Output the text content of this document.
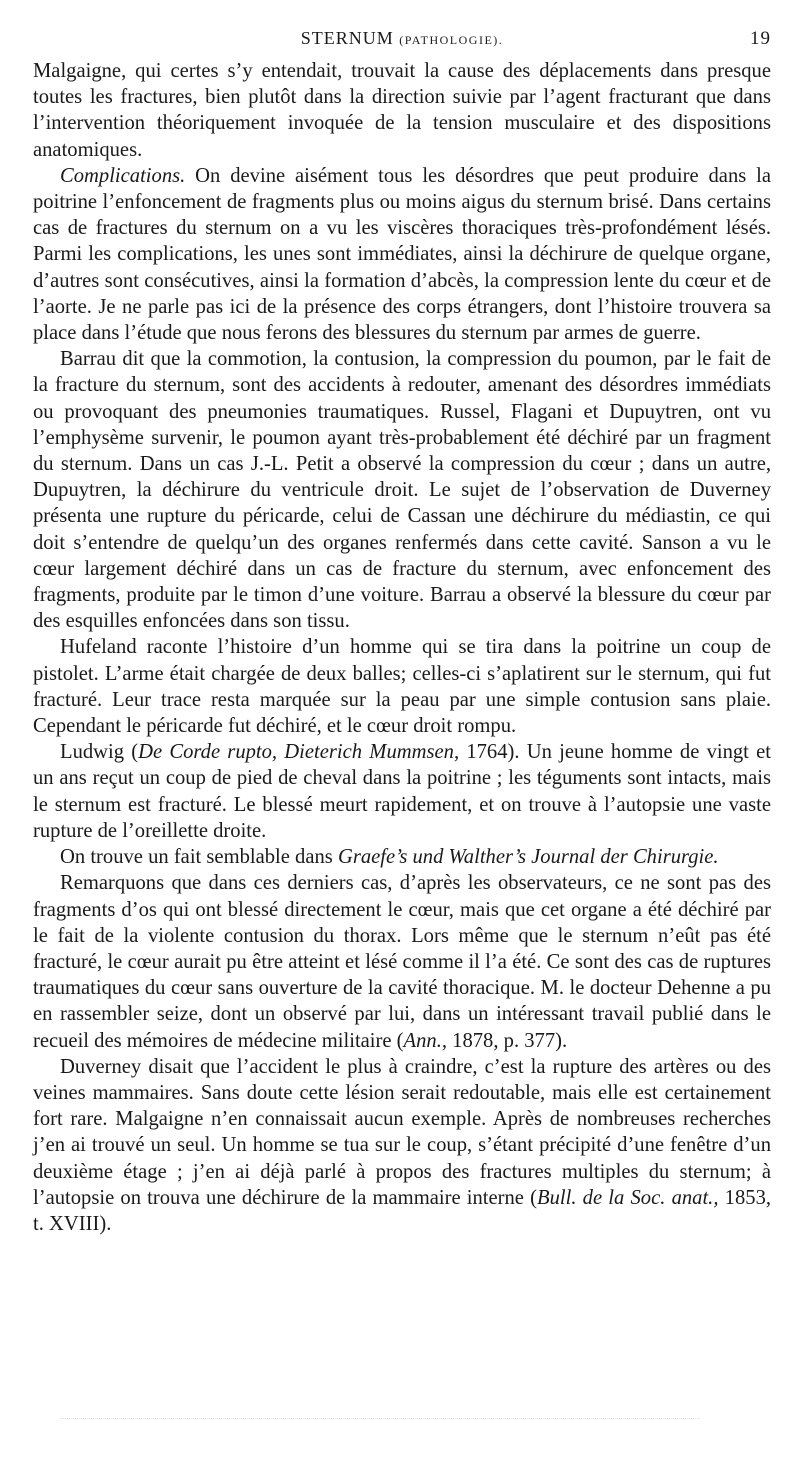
STERNUM (PATHOLOGIE).	19

Malgaigne, qui certes s’y entendait, trouvait la cause des déplacements dans presque toutes les fractures, bien plutôt dans la direction suivie par l’agent fracturant que dans l’intervention théoriquement invoquée de la tension musculaire et des dispositions anatomiques.

Complications. On devine aisément tous les désordres que peut produire dans la poitrine l’enfoncement de fragments plus ou moins aigus du sternum brisé. Dans certains cas de fractures du sternum on a vu les viscères thoraciques très-profondément lésés. Parmi les complications, les unes sont immédiates, ainsi la déchirure de quelque organe, d’autres sont consécutives, ainsi la formation d’abcès, la compression lente du cœur et de l’aorte. Je ne parle pas ici de la présence des corps étrangers, dont l’histoire trouvera sa place dans l’étude que nous ferons des blessures du sternum par armes de guerre.

Barrau dit que la commotion, la contusion, la compression du poumon, par le fait de la fracture du sternum, sont des accidents à redouter, amenant des désordres immédiats ou provoquant des pneumonies traumatiques. Russel, Flagani et Dupuytren, ont vu l’emphysème survenir, le poumon ayant très-probablement été déchiré par un fragment du sternum. Dans un cas J.-L. Petit a observé la compression du cœur ; dans un autre, Dupuytren, la déchirure du ventricule droit. Le sujet de l’observation de Duverney présenta une rupture du péricarde, celui de Cassan une déchirure du médiastin, ce qui doit s’entendre de quelqu’un des organes renfermés dans cette cavité. Sanson a vu le cœur largement déchiré dans un cas de fracture du sternum, avec enfoncement des fragments, produite par le timon d’une voiture. Barrau a observé la blessure du cœur par des esquilles enfoncées dans son tissu.

Hufeland raconte l’histoire d’un homme qui se tira dans la poitrine un coup de pistolet. L’arme était chargée de deux balles; celles-ci s’aplatirent sur le sternum, qui fut fracturé. Leur trace resta marquée sur la peau par une simple contusion sans plaie. Cependant le péricarde fut déchiré, et le cœur droit rompu.

Ludwig (De Corde rupto, Dieterich Mummsen, 1764). Un jeune homme de vingt et un ans reçut un coup de pied de cheval dans la poitrine ; les téguments sont intacts, mais le sternum est fracturé. Le blessé meurt rapidement, et on trouve à l’autopsie une vaste rupture de l’oreillette droite.

On trouve un fait semblable dans Graefe’s und Walther’s Journal der Chirurgie.

Remarquons que dans ces derniers cas, d’après les observateurs, ce ne sont pas des fragments d’os qui ont blessé directement le cœur, mais que cet organe a été déchiré par le fait de la violente contusion du thorax. Lors même que le sternum n’eût pas été fracturé, le cœur aurait pu être atteint et lésé comme il l’a été. Ce sont des cas de ruptures traumatiques du cœur sans ouverture de la cavité thoracique. M. le docteur Dehenne a pu en rassembler seize, dont un observé par lui, dans un intéressant travail publié dans le recueil des mémoires de médecine militaire (Ann., 1878, p. 377).

Duverney disait que l’accident le plus à craindre, c’est la rupture des artères ou des veines mammaires. Sans doute cette lésion serait redoutable, mais elle est certainement fort rare. Malgaigne n’en connaissait aucun exemple. Après de nombreuses recherches j’en ai trouvé un seul. Un homme se tua sur le coup, s’étant précipité d’une fenêtre d’un deuxième étage ; j’en ai déjà parlé à propos des fractures multiples du sternum; à l’autopsie on trouva une déchirure de la mammaire interne (Bull. de la Soc. anat., 1853, t. XVIII).
